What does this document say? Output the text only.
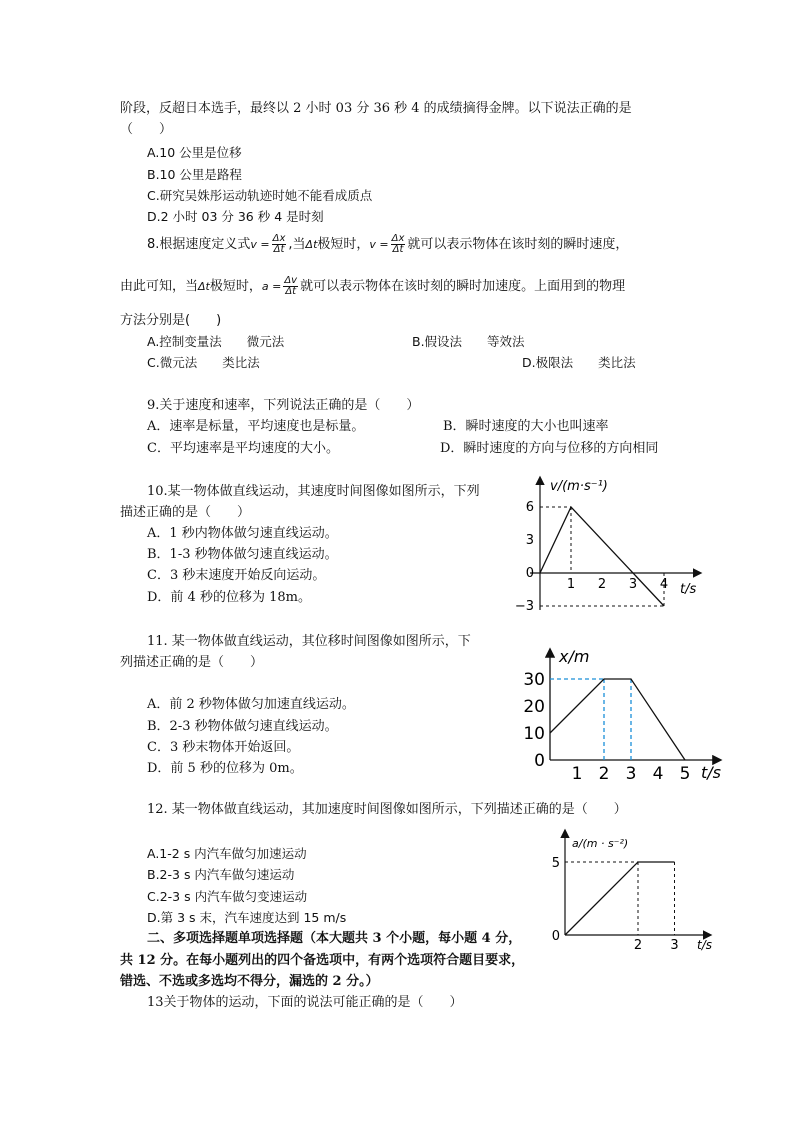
阶段，反超日本选手，最终以 2 小时 03 分 36 秒 4 的成绩摘得金牌。以下说法正确的是
（　　）
A.10 公里是位移
B.10 公里是路程
C.研究吴姝彤运动轨迹时她不能看成质点
D.2 小时 03 分 36 秒 4 是时刻
8.根据速度定义式$v = \frac{\Delta x}{\Delta t}$ ,当Δt极短时，$v = \frac{\Delta x}{\Delta t}$ 就可以表示物体在该时刻的瞬时速度，
由此可知，当Δt极短时，$a = \frac{\Delta v}{\Delta t}$ 就可以表示物体在该时刻的瞬时加速度。上面用到的物理
方法分别是(　　)
A.控制变量法　　微元法	B.假设法　　等效法
C.微元法　　类比法	D.极限法　　类比法
9.关于速度和速率，下列说法正确的是（　　）
A．速率是标量，平均速度也是标量。	B．瞬时速度的大小也叫速率
C．平均速率是平均速度的大小。	D．瞬时速度的方向与位移的方向相同
10.某一物体做直线运动，其速度时间图像如图所示，下列
描述正确的是（　　）
A．1 秒内物体做匀速直线运动。
B．1-3 秒物体做匀速直线运动。
C．3 秒末速度开始反向运动。
D．前 4 秒的位移为 18m。
6
3
0
−3
1 2 3 4
v/(m·s⁻¹)
t/s
11. 某一物体做直线运动，其位移时间图像如图所示，下
列描述正确的是（　　）
A．前 2 秒物体做匀加速直线运动。
B．2-3 秒物体做匀速直线运动。
C．3 秒末物体开始返回。
D．前 5 秒的位移为 0m。
30
20
10
0
1 2 3 4 5
x/m
t/s
12. 某一物体做直线运动，其加速度时间图像如图所示，下列描述正确的是（　　）
A.1-2 s 内汽车做匀加速运动
B.2-3 s 内汽车做匀速运动
C.2-3 s 内汽车做匀变速运动
D.第 3 s 末，汽车速度达到 15 m/s
5
0
2 3
a/(m · s⁻²)
t/s
二、多项选择题单项选择题（本大题共 3 个小题，每小题 4 分，
共 12 分。在每小题列出的四个备选项中，有两个选项符合题目要求，
错选、不选或多选均不得分，漏选的 2 分。）
13关于物体的运动，下面的说法可能正确的是（　　）
